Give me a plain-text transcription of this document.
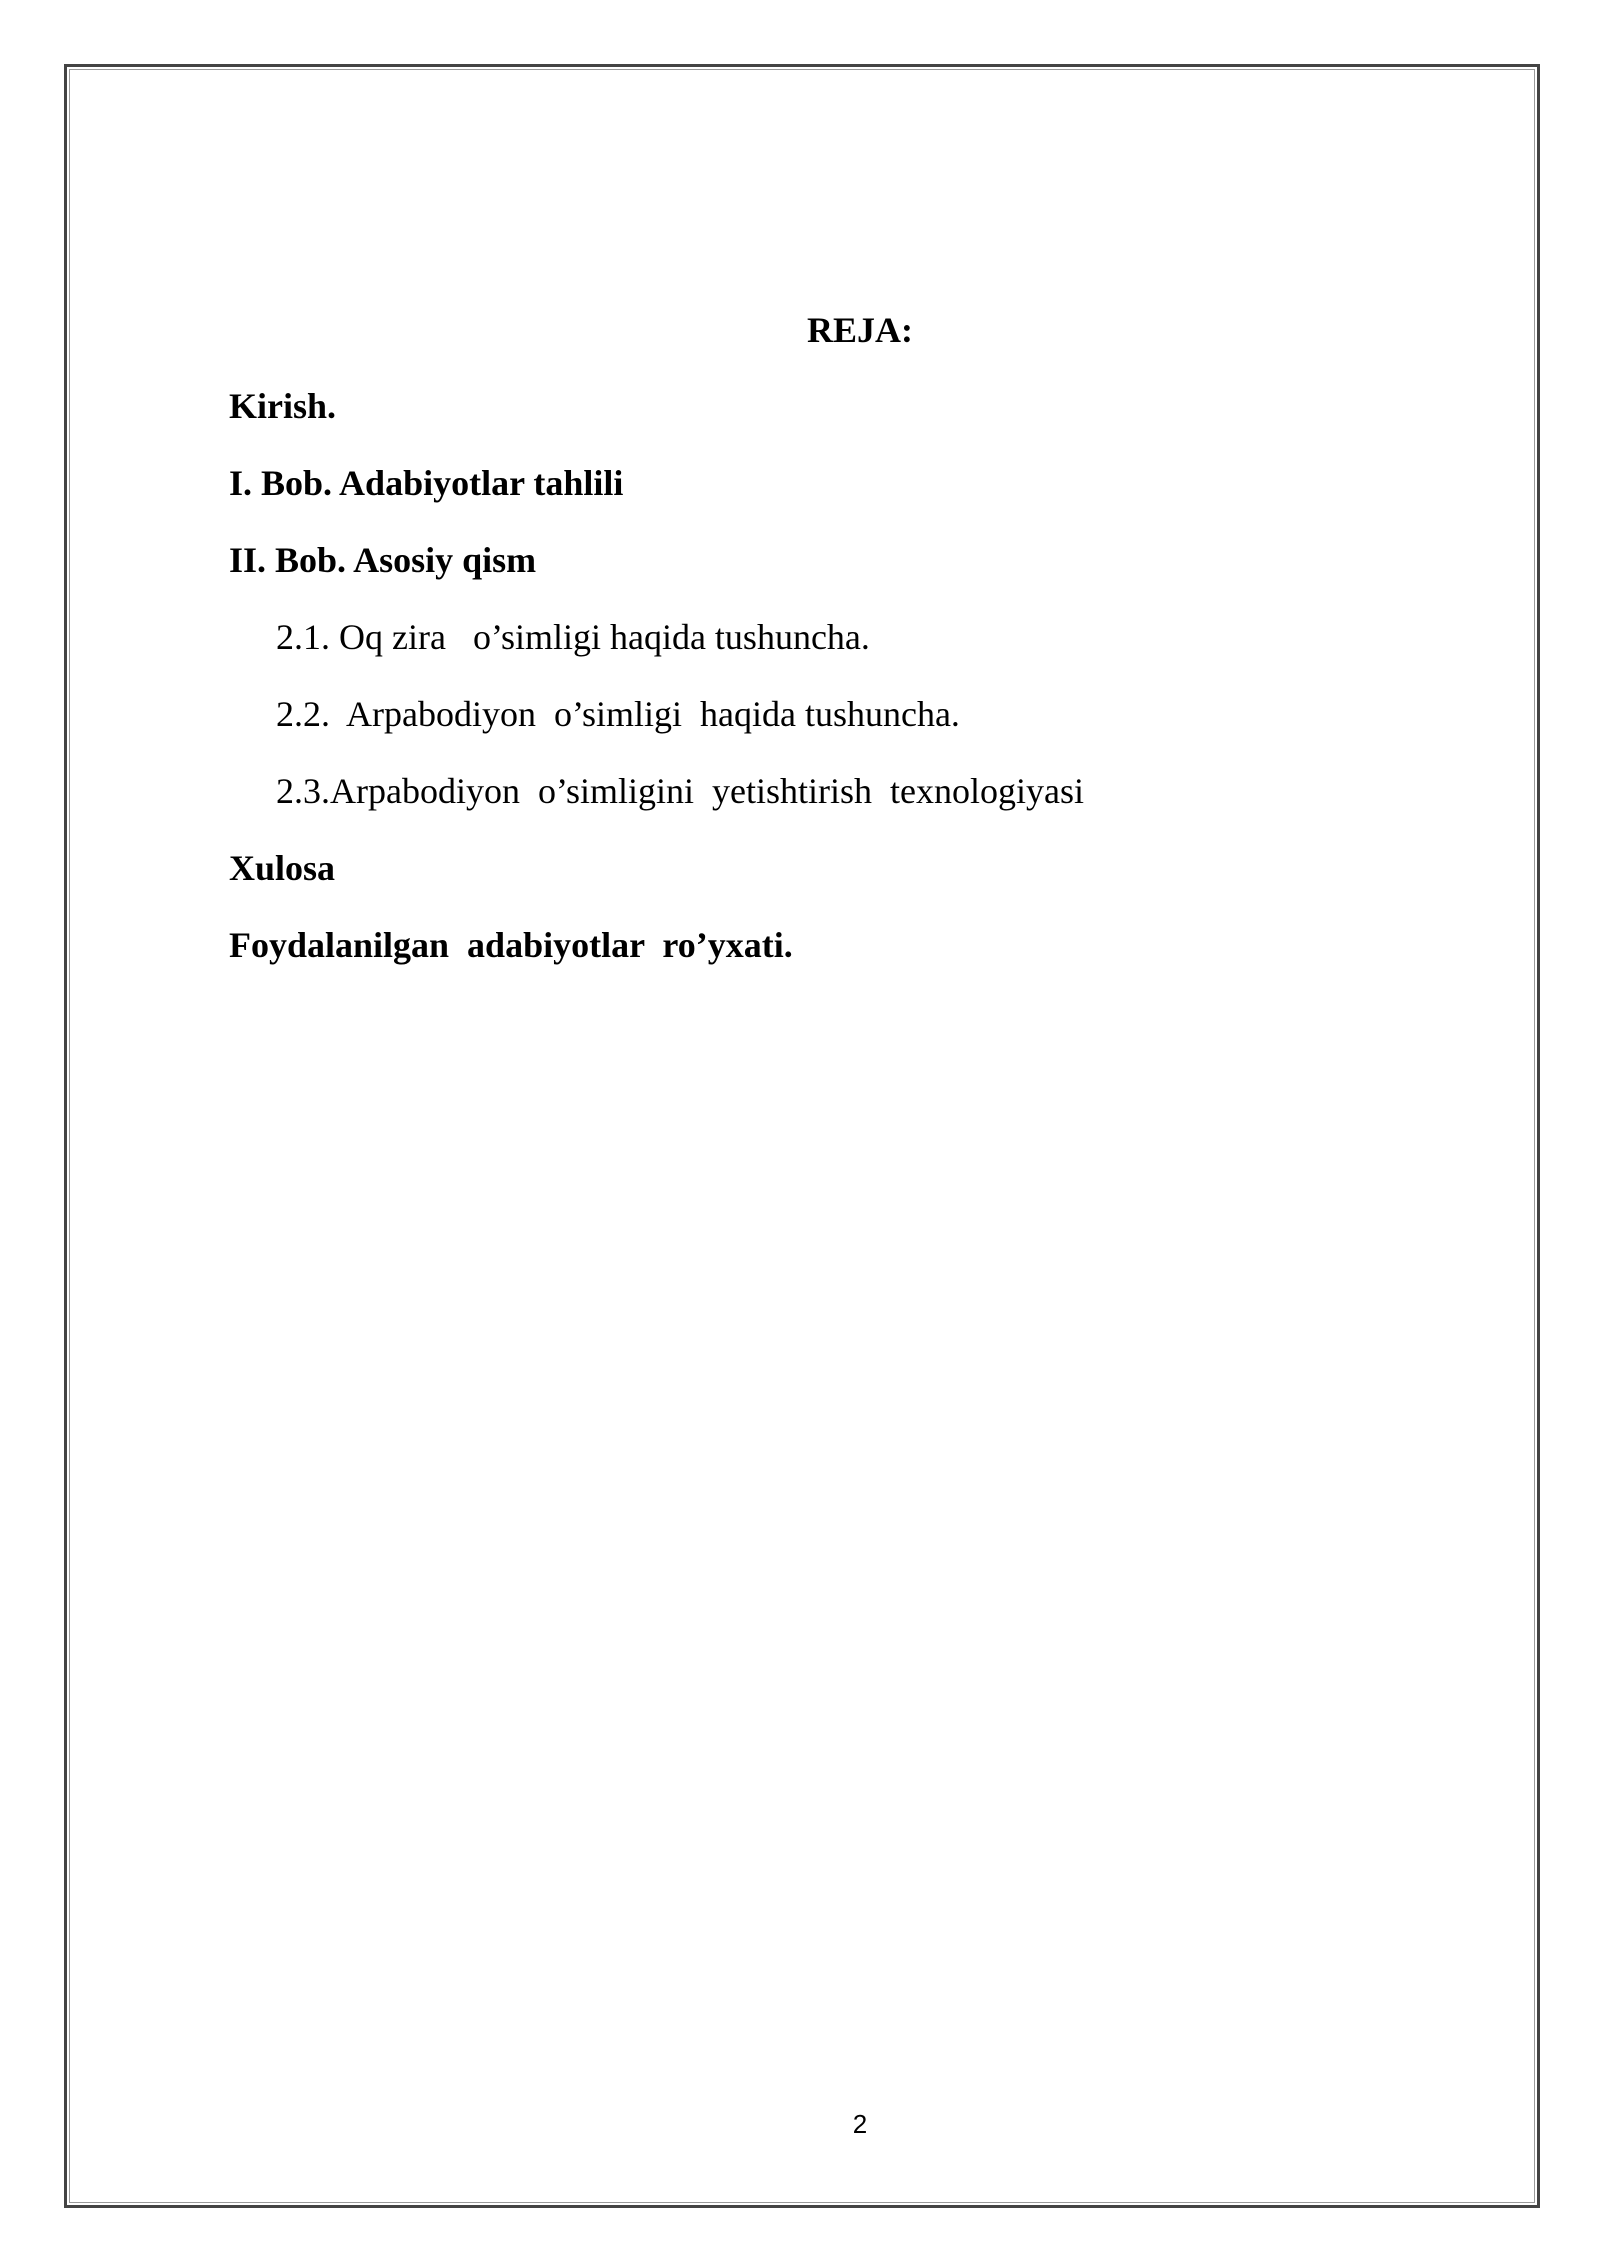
REJA:
Kirish.
I. Bob. Adabiyotlar tahlili
II. Bob. Asosiy qism
2.1. Oq zira   o’simligi haqida tushuncha.
2.2.  Arpabodiyon  o’simligi  haqida tushuncha.
2.3.Arpabodiyon  o’simligini  yetishtirish  texnologiyasi
Xulosa
Foydalanilgan  adabiyotlar  ro’yxati.
2
